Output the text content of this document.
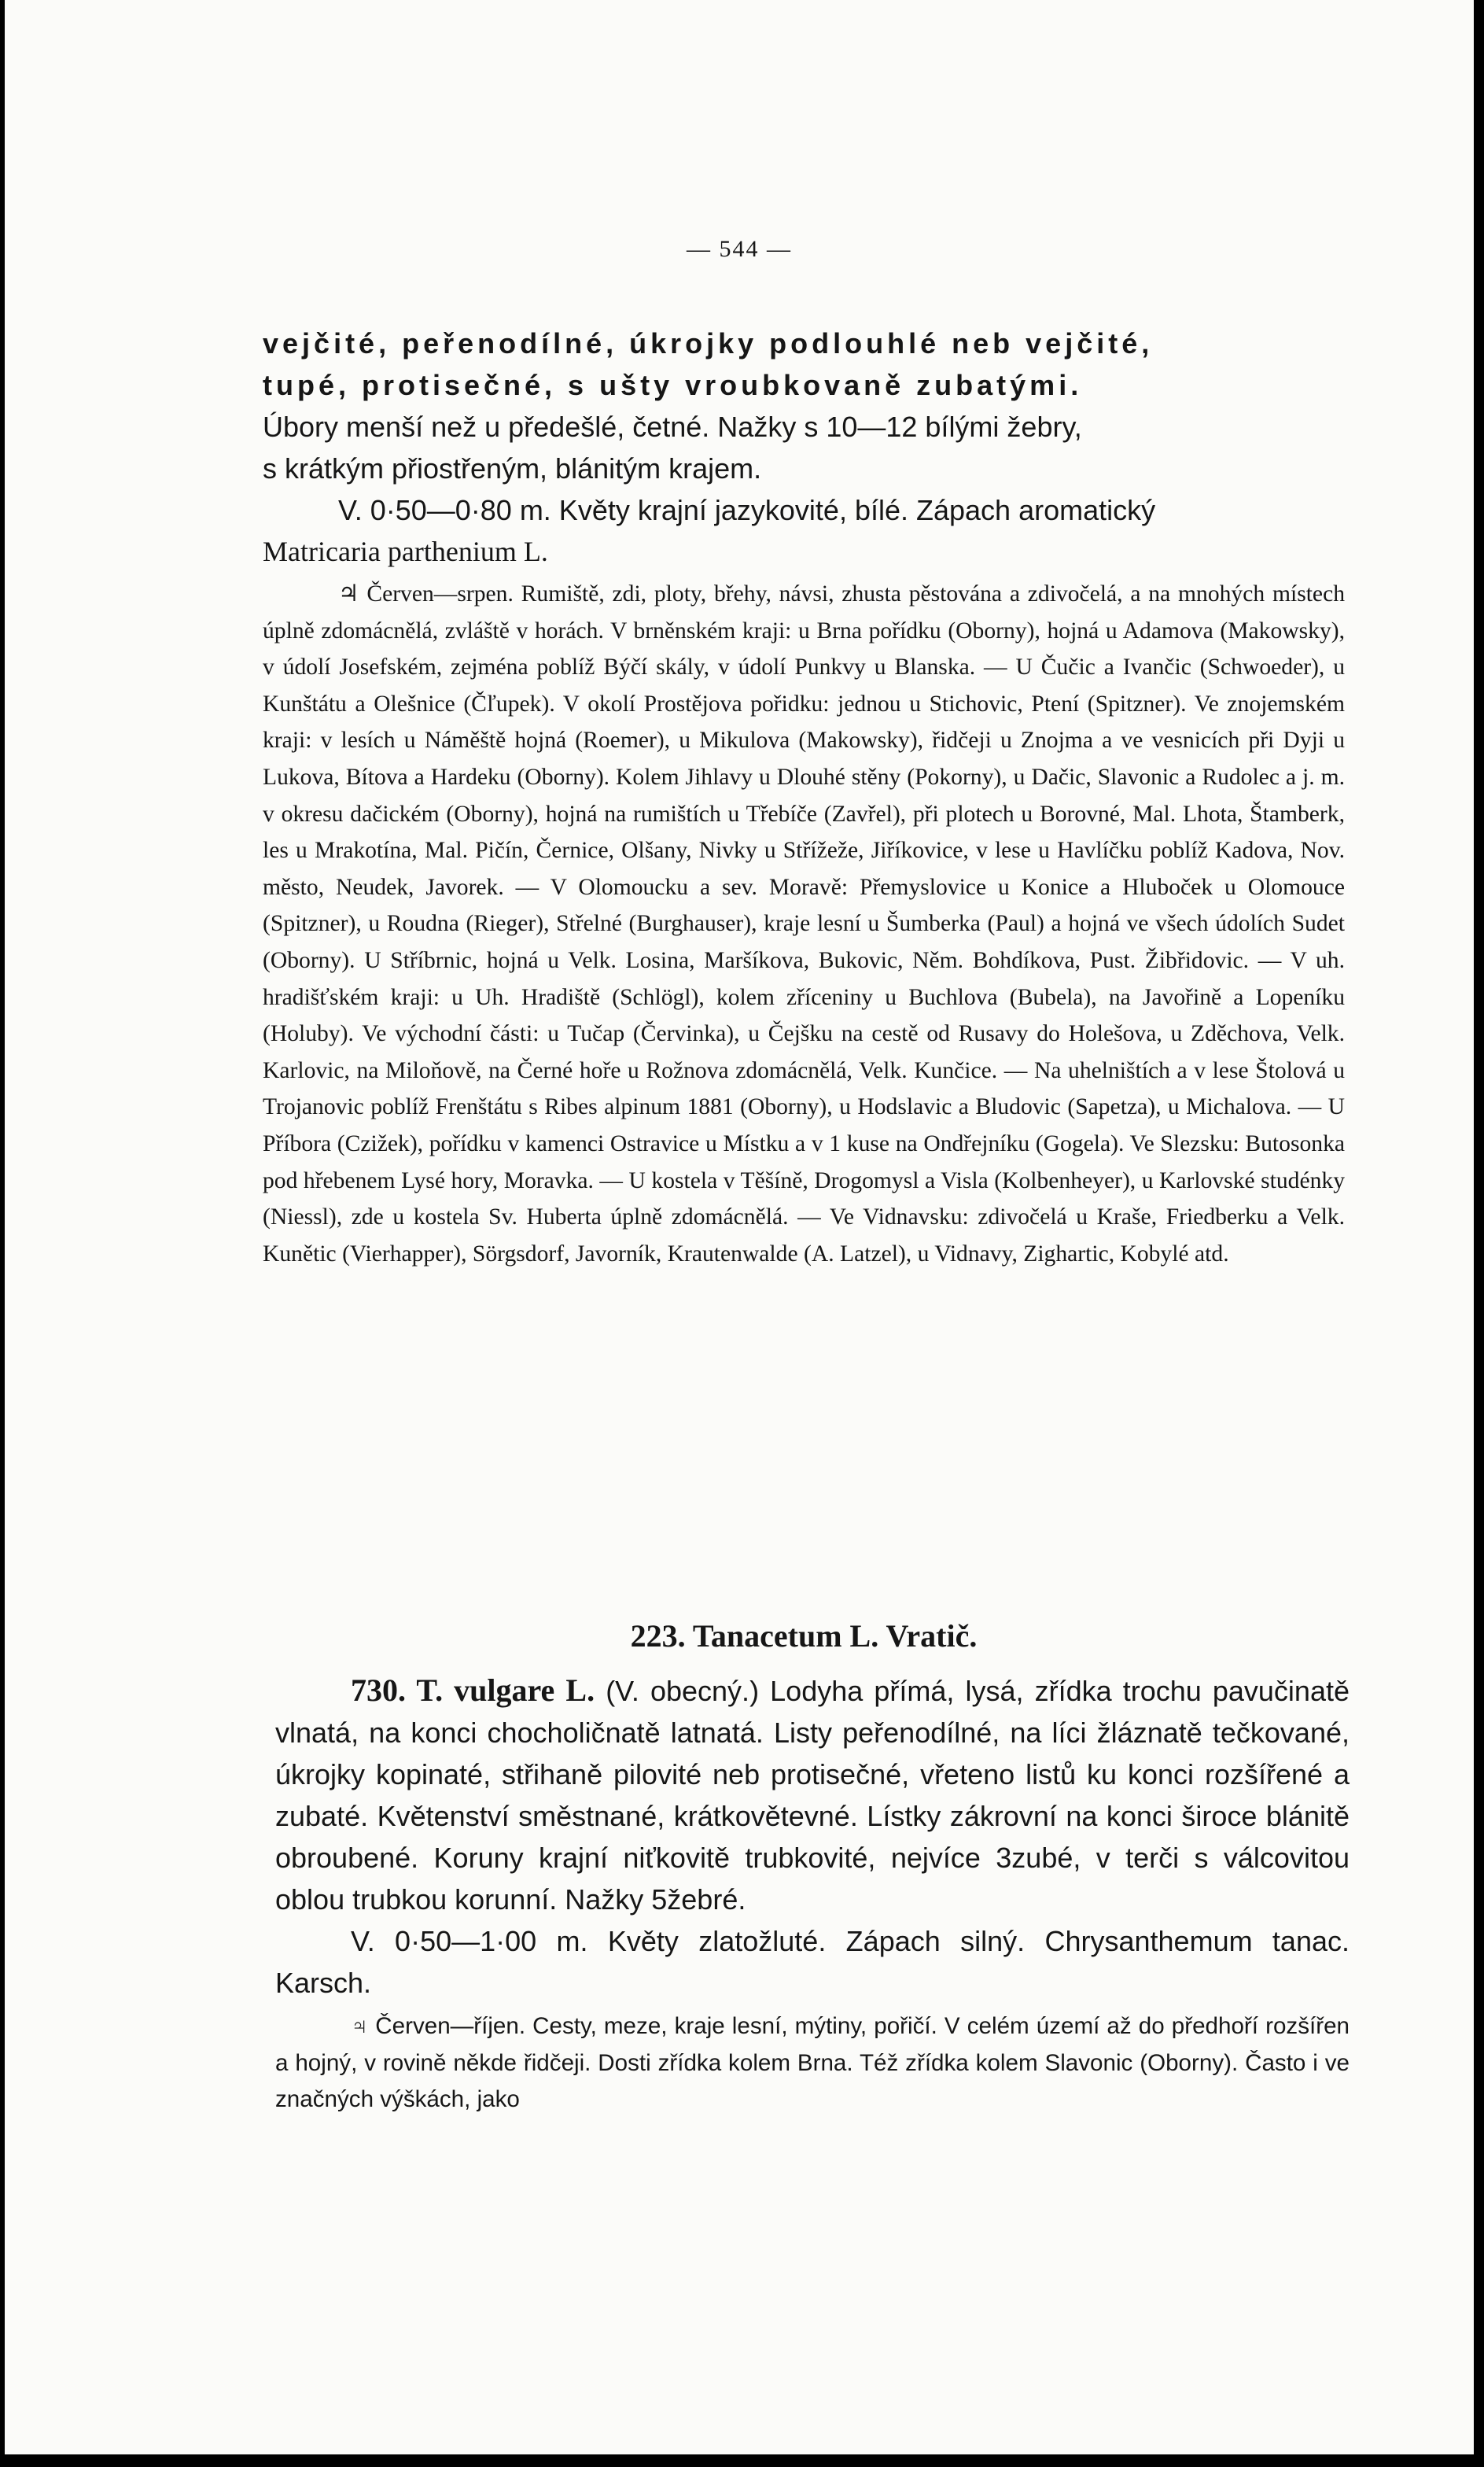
— 544 —

vejčité, peřenodílné, úkrojky podlouhlé neb vejčité,

tupé, protisečné, s ušty vroubkovaně zubatými.

Úbory menší než u předešlé, četné. Nažky s 10—12 bílými žebry,

s krátkým přiostřeným, blánitým krajem.

V. 0·50—0·80 m. Květy krajní jazykovité, bílé. Zápach aromatický

Matricaria parthenium L.

♃ Červen—srpen. Rumiště, zdi, ploty, břehy, návsi, zhusta pěstována a zdivočelá, a na mnohých místech úplně zdomácnělá, zvláště v horách. V brněnském kraji: u Brna pořídku (Oborny), hojná u Adamova (Makowsky), v údolí Josefském, zejména poblíž Býčí skály, v údolí Punkvy u Blanska. — U Čučic a Ivančic (Schwoeder), u Kunštátu a Olešnice (Čľupek). V okolí Prostějova pořidku: jednou u Stichovic, Ptení (Spitzner). Ve znojemském kraji: v lesích u Náměště hojná (Roemer), u Mikulova (Makowsky), řidčeji u Znojma a ve vesnicích při Dyji u Lukova, Bítova a Hardeku (Oborny). Kolem Jihlavy u Dlouhé stěny (Pokorny), u Dačic, Slavonic a Rudolec a j. m. v okresu dačickém (Oborny), hojná na rumištích u Třebíče (Zavřel), při plotech u Borovné, Mal. Lhota, Štamberk, les u Mrakotína, Mal. Pičín, Černice, Olšany, Nivky u Střížeže, Jiříkovice, v lese u Havlíčku poblíž Kadova, Nov. město, Neudek, Javorek. — V Olomoucku a sev. Moravě: Přemyslovice u Konice a Hluboček u Olomouce (Spitzner), u Roudna (Rieger), Střelné (Burghauser), kraje lesní u Šumberka (Paul) a hojná ve všech údolích Sudet (Oborny). U Stříbrnic, hojná u Velk. Losina, Maršíkova, Bukovic, Něm. Bohdíkova, Pust. Žibřidovic. — V uh. hradišťském kraji: u Uh. Hradiště (Schlögl), kolem zříceniny u Buchlova (Bubela), na Javořině a Lopeníku (Holuby). Ve východní části: u Tučap (Červinka), u Čejšku na cestě od Rusavy do Holešova, u Zděchova, Velk. Karlovic, na Miloňově, na Černé hoře u Rožnova zdomácnělá, Velk. Kunčice. — Na uhelništích a v lese Štolová u Trojanovic poblíž Frenštátu s Ribes alpinum 1881 (Oborny), u Hodslavic a Bludovic (Sapetza), u Michalova. — U Příbora (Czižek), pořídku v kamenci Ostravice u Místku a v 1 kuse na Ondřejníku (Gogela). Ve Slezsku: Butosonka pod hřebenem Lysé hory, Moravka. — U kostela v Těšíně, Drogomysl a Visla (Kolbenheyer), u Karlovské studénky (Niessl), zde u kostela Sv. Huberta úplně zdomácnělá. — Ve Vidnavsku: zdivočelá u Kraše, Friedberku a Velk. Kunětic (Vierhapper), Sörgsdorf, Javorník, Krautenwalde (A. Latzel), u Vidnavy, Zighartic, Kobylé atd.

223. Tanacetum L. Vratič.

730. T. vulgare L. (V. obecný.) Lodyha přímá, lysá, zřídka trochu pavučinatě vlnatá, na konci chocholičnatě latnatá. Listy peřenodílné, na líci žláznatě tečkované, úkrojky kopinaté, střihaně pilovité neb protisečné, vřeteno listů ku konci rozšířené a zubaté. Květenství směstnané, krátkovětevné. Lístky zákrovní na konci široce blánitě obroubené. Koruny krajní niťkovitě trubkovité, nejvíce 3zubé, v terči s válcovitou oblou trubkou korunní. Nažky 5žebré.

V. 0·50—1·00 m. Květy zlatožluté. Zápach silný. Chrysanthemum tanac. Karsch.

♃ Červen—říjen. Cesty, meze, kraje lesní, mýtiny, pořičí. V celém území až do předhoří rozšířen a hojný, v rovině někde řidčeji. Dosti zřídka kolem Brna. Též zřídka kolem Slavonic (Oborny). Často i ve značných výškách, jako
